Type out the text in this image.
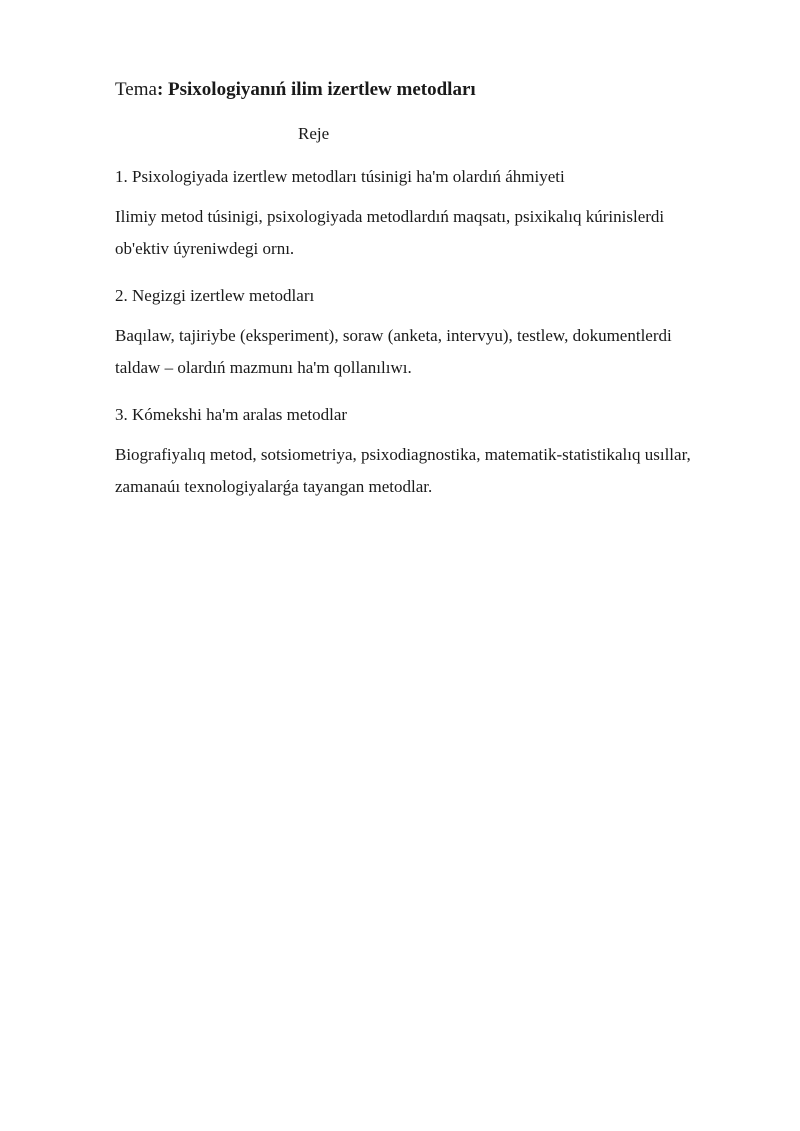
Tema: Psixologiyanıń ilim izertlew metodları

Reje

1. Psixologiyada izertlew metodları túsinigi ha'm olardıń áhmiyeti

Ilimiy metod túsinigi, psixologiyada metodlardıń maqsatı, psixikalıq kúrinislerdi ob'ektiv úyreniwdegi ornı.

2. Negizgi izertlew metodları

Baqılaw, tajiriybe (eksperiment), soraw (anketa, intervyu), testlew, dokumentlerdi taldaw – olardıń mazmunı ha'm qollanılıwı.

3. Kómekshi ha'm aralas metodlar

Biografiyalıq metod, sotsiometriya, psixodiagnostika, matematik-statistikalıq usıllar, zamanaúı texnologiyalarǵa tayangan metodlar.
